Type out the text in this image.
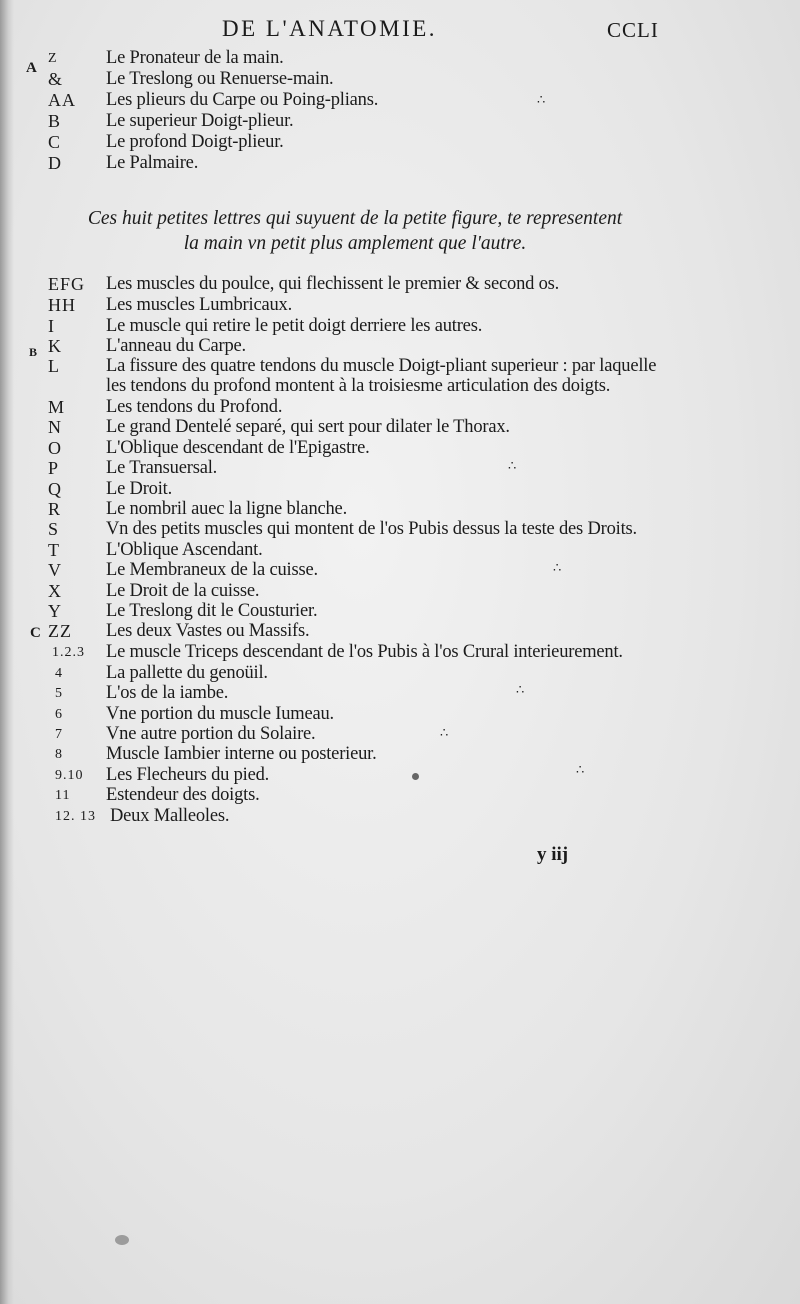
DE L'ANATOMIE.	CCLI
A
B
C
Z	Le Pronateur de la main.
& Le Treslong ou Renuerse-main.
AA Les plieurs du Carpe ou Poing-plians.
B Le superieur Doigt-plieur.
C Le profond Doigt-plieur.
D Le Palmaire.
Ces huit petites lettres qui suyuent de la petite figure, te representent
la main vn petit plus amplement que l'autre.
EFG Les muscles du poulce, qui flechissent le premier & second os.
HH Les muscles Lumbricaux.
I	Le muscle qui retire le petit doigt derriere les autres.
K L'anneau du Carpe.
L La fissure des quatre tendons du muscle Doigt-pliant superieur : par laquelle les tendons du profond montent à la troisiesme articulation des doigts.
M Les tendons du Profond.
N Le grand Dentelé separé, qui sert pour dilater le Thorax.
O L'Oblique descendant de l'Epigastre.
P	Le Transuersal.
Q Le Droit.
R Le nombril auec la ligne blanche.
S	Vn des petits muscles qui montent de l'os Pubis dessus la teste des Droits.
T L'Oblique Ascendant.
V Le Membraneux de la cuisse.
X Le Droit de la cuisse.
Y Le Treslong dit le Cousturier.
ZZ Les deux Vastes ou Massifs.
1.2.3 Le muscle Triceps descendant de l'os Pubis à l'os Crural interieurement.
4 La pallette du genoüil.
5 L'os de la iambe.
6 Vne portion du muscle Iumeau.
7 Vne autre portion du Solaire.
8 Muscle Iambier interne ou posterieur.
9.10 Les Flecheurs du pied.
11 Estendeur des doigts.
12. 13 Deux Malleoles.
y iij
∴
∴
∴
∴
∴
∴
